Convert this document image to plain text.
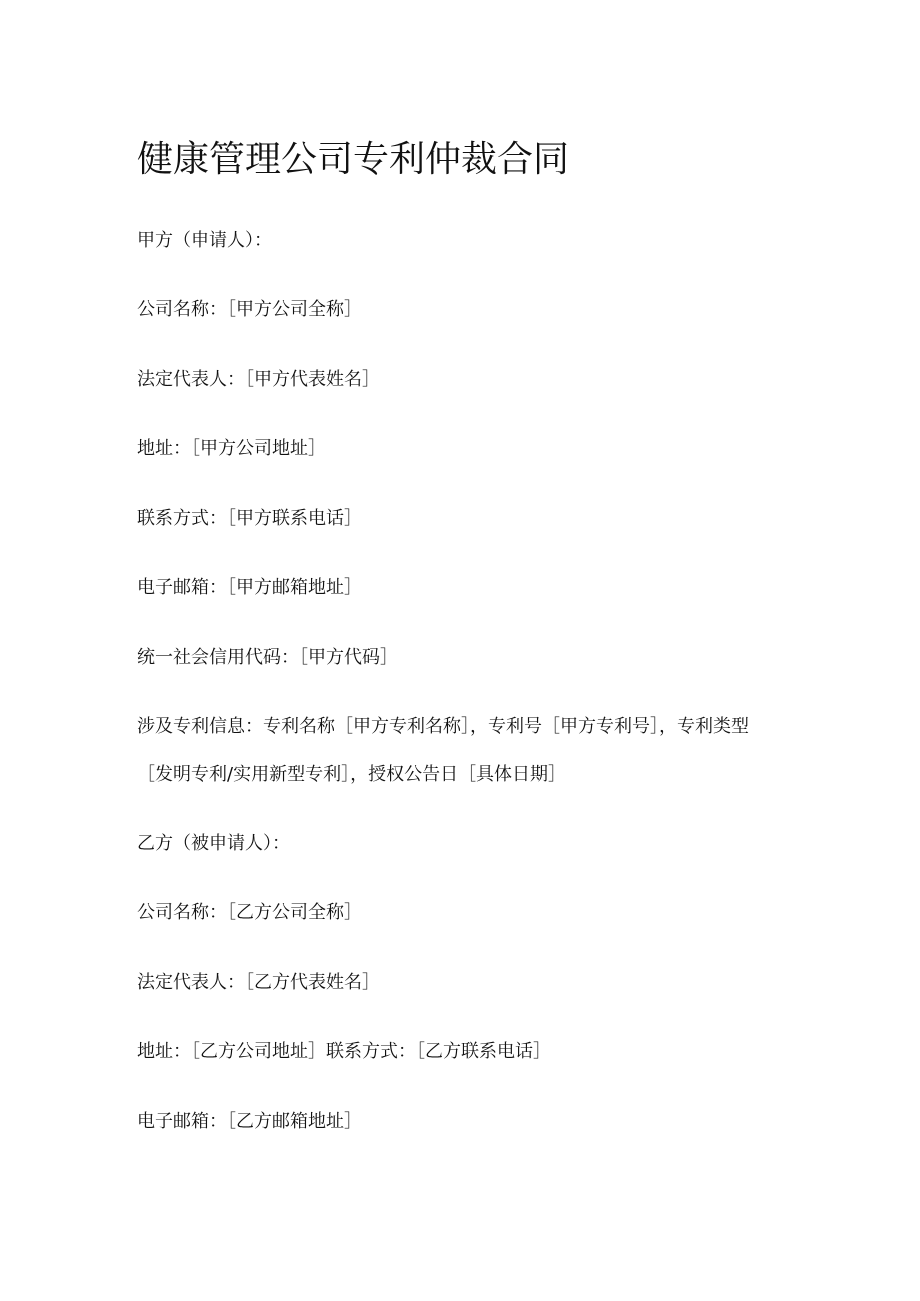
健康管理公司专利仲裁合同

甲方（申请人）：

公司名称：［甲方公司全称］

法定代表人：［甲方代表姓名］

地址：［甲方公司地址］

联系方式：［甲方联系电话］

电子邮箱：［甲方邮箱地址］

统一社会信用代码：［甲方代码］

涉及专利信息：专利名称［甲方专利名称］，专利号［甲方专利号］，专利类型

［发明专利/实用新型专利］，授权公告日［具体日期］

乙方（被申请人）：

公司名称：［乙方公司全称］

法定代表人：［乙方代表姓名］

地址：［乙方公司地址］联系方式：［乙方联系电话］

电子邮箱：［乙方邮箱地址］
